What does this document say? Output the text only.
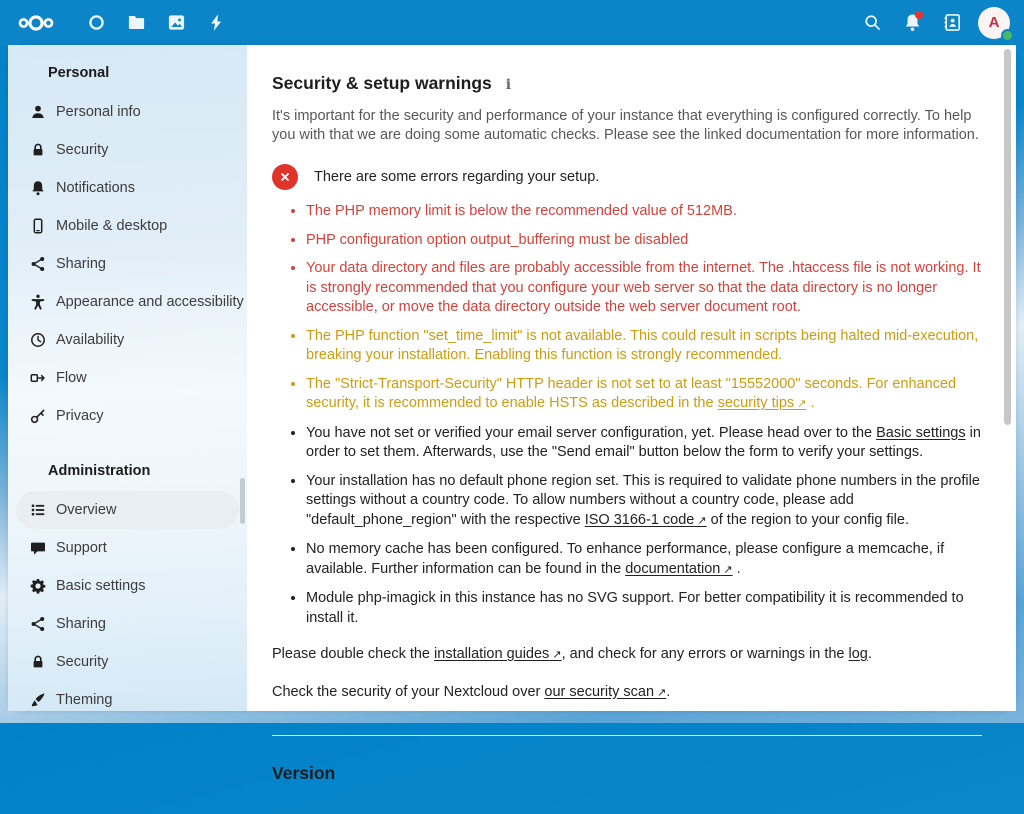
A
Personal
Personal info
Security
Notifications
Mobile & desktop
Sharing
Appearance and accessibility
Availability
Flow
Privacy
Administration
Overview
Support
Basic settings
Sharing
Security
Theming
Security & setup warnings i

It's important for the security and performance of your instance that everything is configured correctly. To help you with that we are doing some automatic checks. Please see the linked documentation for more information.

There are some errors regarding your setup.
• The PHP memory limit is below the recommended value of 512MB.
• PHP configuration option output_buffering must be disabled
• Your data directory and files are probably accessible from the internet. The .htaccess file is not working. It is strongly recommended that you configure your web server so that the data directory is no longer accessible, or move the data directory outside the web server document root.
• The PHP function "set_time_limit" is not available. This could result in scripts being halted mid-execution, breaking your installation. Enabling this function is strongly recommended.
• The "Strict-Transport-Security" HTTP header is not set to at least "15552000" seconds. For enhanced security, it is recommended to enable HSTS as described in the security tips ↗ .
• You have not set or verified your email server configuration, yet. Please head over to the Basic settings in order to set them. Afterwards, use the "Send email" button below the form to verify your settings.
• Your installation has no default phone region set. This is required to validate phone numbers in the profile settings without a country code. To allow numbers without a country code, please add "default_phone_region" with the respective ISO 3166-1 code ↗ of the region to your config file.
• No memory cache has been configured. To enhance performance, please configure a memcache, if available. Further information can be found in the documentation ↗ .
• Module php-imagick in this instance has no SVG support. For better compatibility it is recommended to install it.

Please double check the installation guides ↗, and check for any errors or warnings in the log.

Check the security of your Nextcloud over our security scan ↗.

Version
